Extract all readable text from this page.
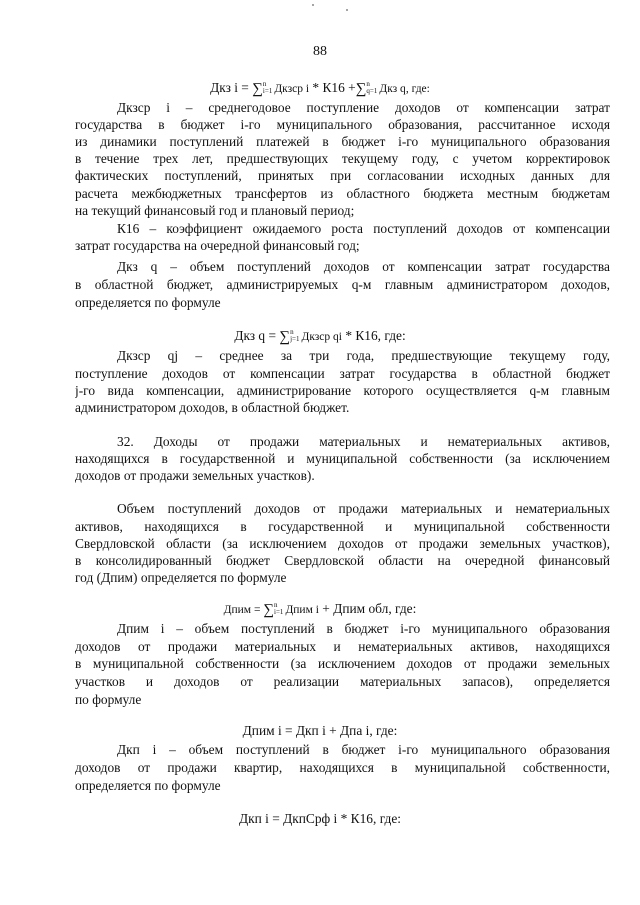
88
Дкз i = ∑ n
i=1 Дкзср i * К16 +∑ n
q=1 Дкз q, где:
Дкзср i – среднегодовое поступление доходов от компенсации затрат
государства в бюджет i-го муниципального образования, рассчитанное исходя
из динамики поступлений платежей в бюджет i-го муниципального образования
в течение трех лет, предшествующих текущему году, с учетом корректировок
фактических поступлений, принятых при согласовании исходных данных для
расчета межбюджетных трансфертов из областного бюджета местным бюджетам
на текущий финансовый год и плановый период;
К16 – коэффициент ожидаемого роста поступлений доходов от компенсации
затрат государства на очередной финансовый год;
Дкз q – объем поступлений доходов от компенсации затрат государства
в областной бюджет, администрируемых q-м главным администратором доходов,
определяется по формуле
Дкз q = ∑ n
j=1 Дкзср qi * К16, где:
Дкзср qj – среднее за три года, предшествующие текущему году,
поступление доходов от компенсации затрат государства в областной бюджет
j-го вида компенсации, администрирование которого осуществляется q-м главным
администратором доходов, в областной бюджет.
32. Доходы от продажи материальных и нематериальных активов,
находящихся в государственной и муниципальной собственности (за исключением
доходов от продажи земельных участков).
Объем поступлений доходов от продажи материальных и нематериальных
активов, находящихся в государственной и муниципальной собственности
Свердловской области (за исключением доходов от продажи земельных участков),
в консолидированный бюджет Свердловской области на очередной финансовый
год (Дпим) определяется по формуле
Дпим = ∑ n
i=1 Дпим i + Дпим обл, где:
Дпим i – объем поступлений в бюджет i-го муниципального образования
доходов от продажи материальных и нематериальных активов, находящихся
в муниципальной собственности (за исключением доходов от продажи земельных
участков и доходов от реализации материальных запасов), определяется
по формуле
Дпим i = Дкп i + Дпа i, где:
Дкп i – объем поступлений в бюджет i-го муниципального образования
доходов от продажи квартир, находящихся в муниципальной собственности,
определяется по формуле
Дкп i = ДкпСрф i * К16, где:
